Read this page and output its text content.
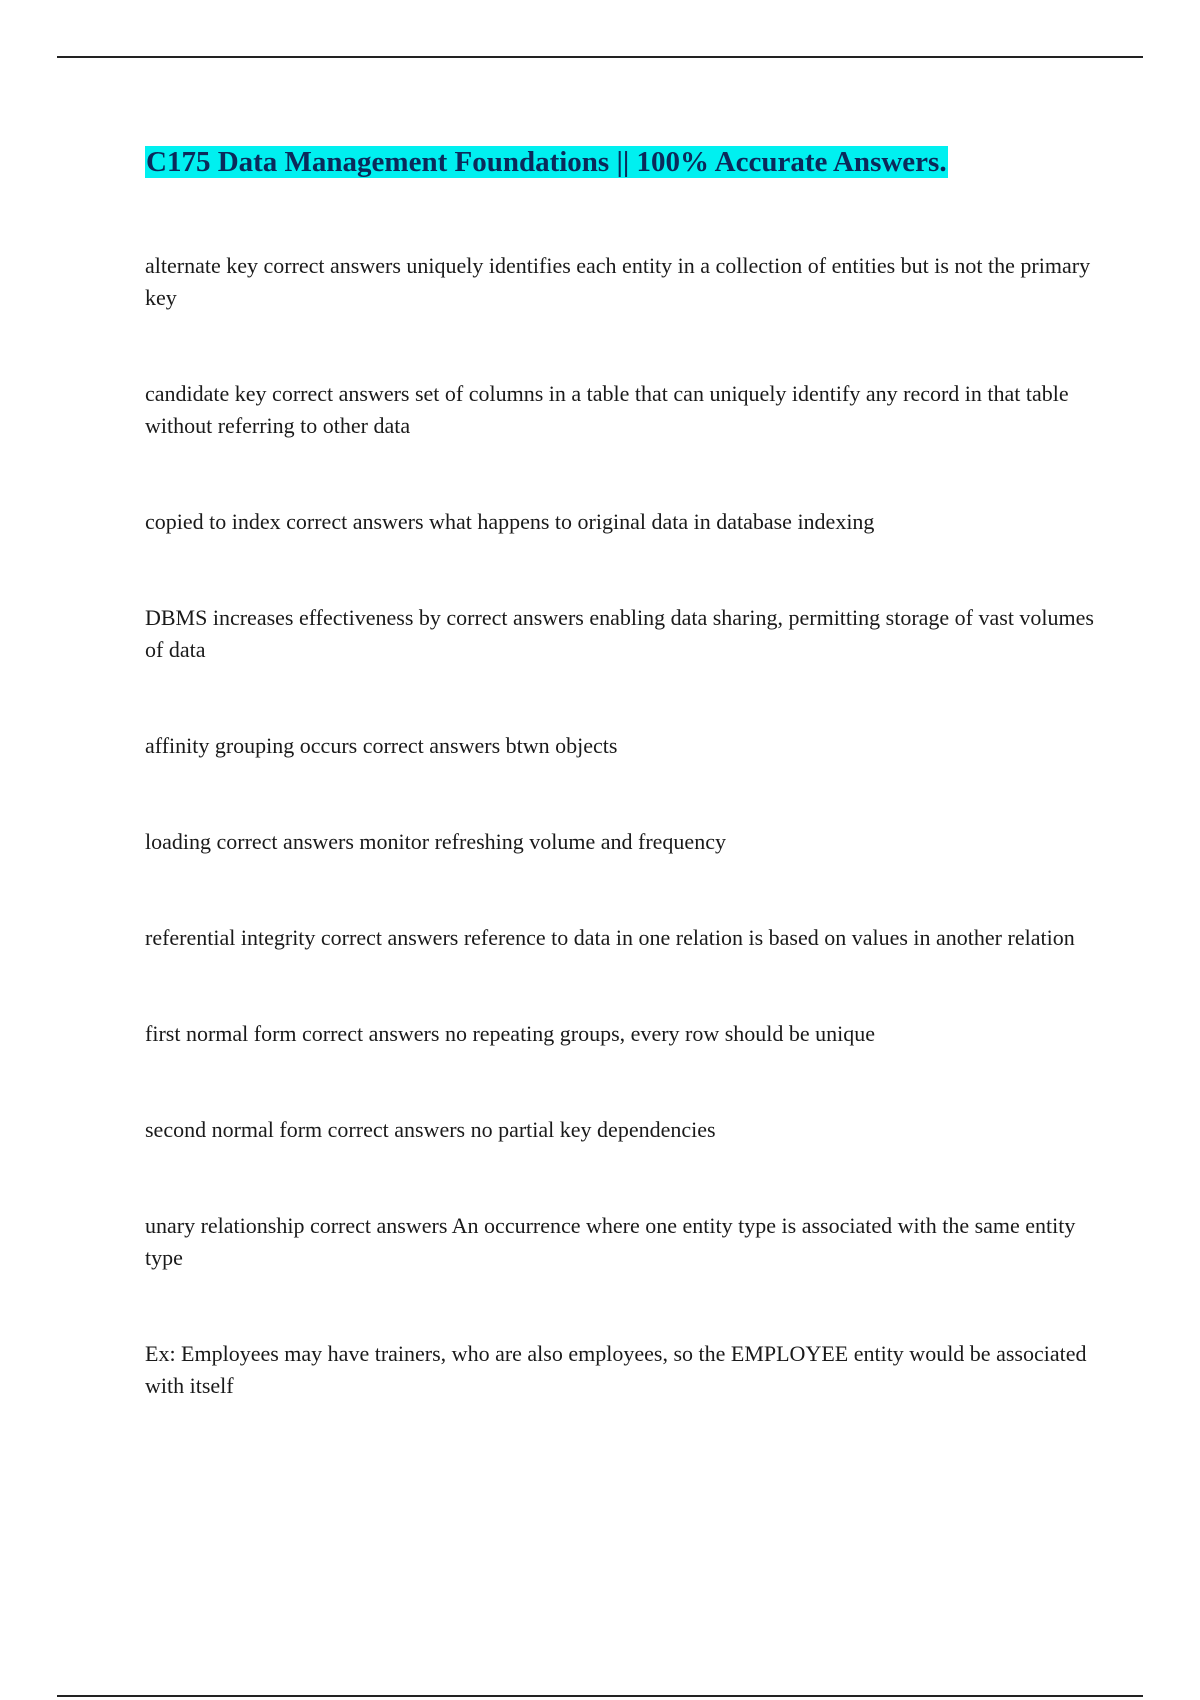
C175 Data Management Foundations || 100% Accurate Answers.
alternate key correct answers uniquely identifies each entity in a collection of entities but is not the primary key
candidate key correct answers set of columns in a table that can uniquely identify any record in that table without referring to other data
copied to index correct answers what happens to original data in database indexing
DBMS increases effectiveness by correct answers enabling data sharing, permitting storage of vast volumes of data
affinity grouping occurs correct answers btwn objects
loading correct answers monitor refreshing volume and frequency
referential integrity correct answers reference to data in one relation is based on values in another relation
first normal form correct answers no repeating groups, every row should be unique
second normal form correct answers no partial key dependencies
unary relationship correct answers An occurrence where one entity type is associated with the same entity type
Ex: Employees may have trainers, who are also employees, so the EMPLOYEE entity would be associated with itself
